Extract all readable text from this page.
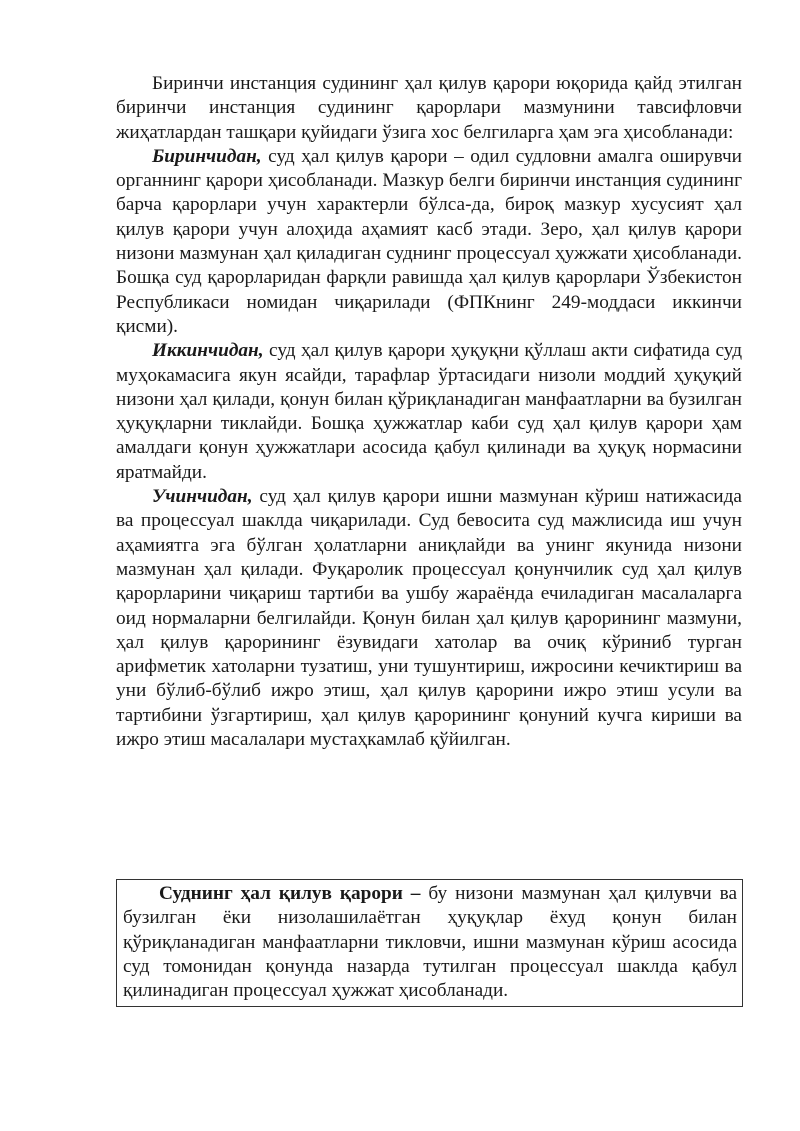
Биринчи инстанция судининг ҳал қилув қарори юқорида қайд этилган биринчи инстанция судининг қарорлари мазмунини тавсифловчи жиҳатлардан ташқари қуйидаги ўзига хос белгиларга ҳам эга ҳисобланади:

Биринчидан, суд ҳал қилув қарори – одил судловни амалга оширувчи органнинг қарори ҳисобланади. Мазкур белги биринчи инстанция судининг барча қарорлари учун характерли бўлса-да, бироқ мазкур хусусият ҳал қилув қарори учун алоҳида аҳамият касб этади. Зеро, ҳал қилув қарори низони мазмунан ҳал қиладиган суднинг процессуал ҳужжати ҳисобланади. Бошқа суд қарорларидан фарқли равишда ҳал қилув қарорлари Ўзбекистон Республикаси номидан чиқарилади (ФПКнинг 249-моддаси иккинчи қисми).

Иккинчидан, суд ҳал қилув қарори ҳуқуқни қўллаш акти сифатида суд муҳокамасига якун ясайди, тарафлар ўртасидаги низоли моддий ҳуқуқий низони ҳал қилади, қонун билан қўриқланадиган манфаатларни ва бузилган ҳуқуқларни тиклайди. Бошқа ҳужжатлар каби суд ҳал қилув қарори ҳам амалдаги қонун ҳужжатлари асосида қабул қилинади ва ҳуқуқ нормасини яратмайди.

Учинчидан, суд ҳал қилув қарори ишни мазмунан кўриш натижасида ва процессуал шаклда чиқарилади. Суд бевосита суд мажлисида иш учун аҳамиятга эга бўлган ҳолатларни аниқлайди ва унинг якунида низони мазмунан ҳал қилади. Фуқаролик процессуал қонунчилик суд ҳал қилув қарорларини чиқариш тартиби ва ушбу жараёнда ечиладиган масалаларга оид нормаларни белгилайди. Қонун билан ҳал қилув қарорининг мазмуни, ҳал қилув қарорининг ёзувидаги хатолар ва очиқ кўриниб турган арифметик хатоларни тузатиш, уни тушунтириш, ижросини кечиктириш ва уни бўлиб-бўлиб ижро этиш, ҳал қилув қарорини ижро этиш усули ва тартибини ўзгартириш, ҳал қилув қарорининг қонуний кучга кириши ва ижро этиш масалалари мустаҳкамлаб қўйилган.

Суднинг ҳал қилув қарори – бу низони мазмунан ҳал қилувчи ва бузилган ёки низолашилаётган ҳуқуқлар ёхуд қонун билан қўриқланадиган манфаатларни тикловчи, ишни мазмунан кўриш асосида суд томонидан қонунда назарда тутилган процессуал шаклда қабул қилинадиган процессуал ҳужжат ҳисобланади.
